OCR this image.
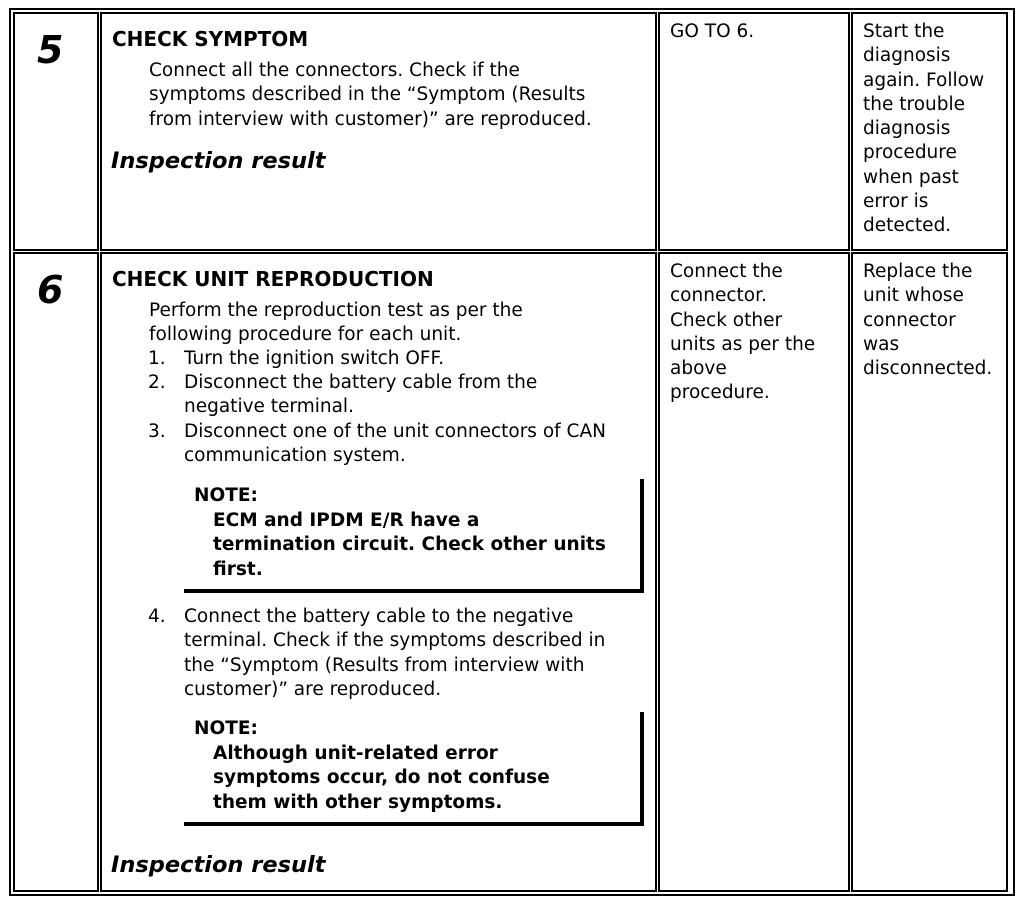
5 CHECK SYMPTOM
Connect all the connectors. Check if the
symptoms described in the “Symptom (Results
from interview with customer)” are reproduced.
Inspection result
GO TO 6.	Start the
diagnosis
again. Follow
the trouble
diagnosis
procedure
when past
error is
detected.
6 CHECK UNIT REPRODUCTION
Perform the reproduction test as per the
following procedure for each unit.
1. Turn the ignition switch OFF.
2. Disconnect the battery cable from the
negative terminal.
3. Disconnect one of the unit connectors of CAN
communication system.
NOTE:
ECM and IPDM E/R have a
termination circuit. Check other units
first.
4. Connect the battery cable to the negative
terminal. Check if the symptoms described in
the “Symptom (Results from interview with
customer)” are reproduced.
NOTE:
Although unit-related error
symptoms occur, do not confuse
them with other symptoms.
Inspection result
Connect the
connector.
Check other
units as per the
above
procedure.
Replace the
unit whose
connector
was
disconnected.
